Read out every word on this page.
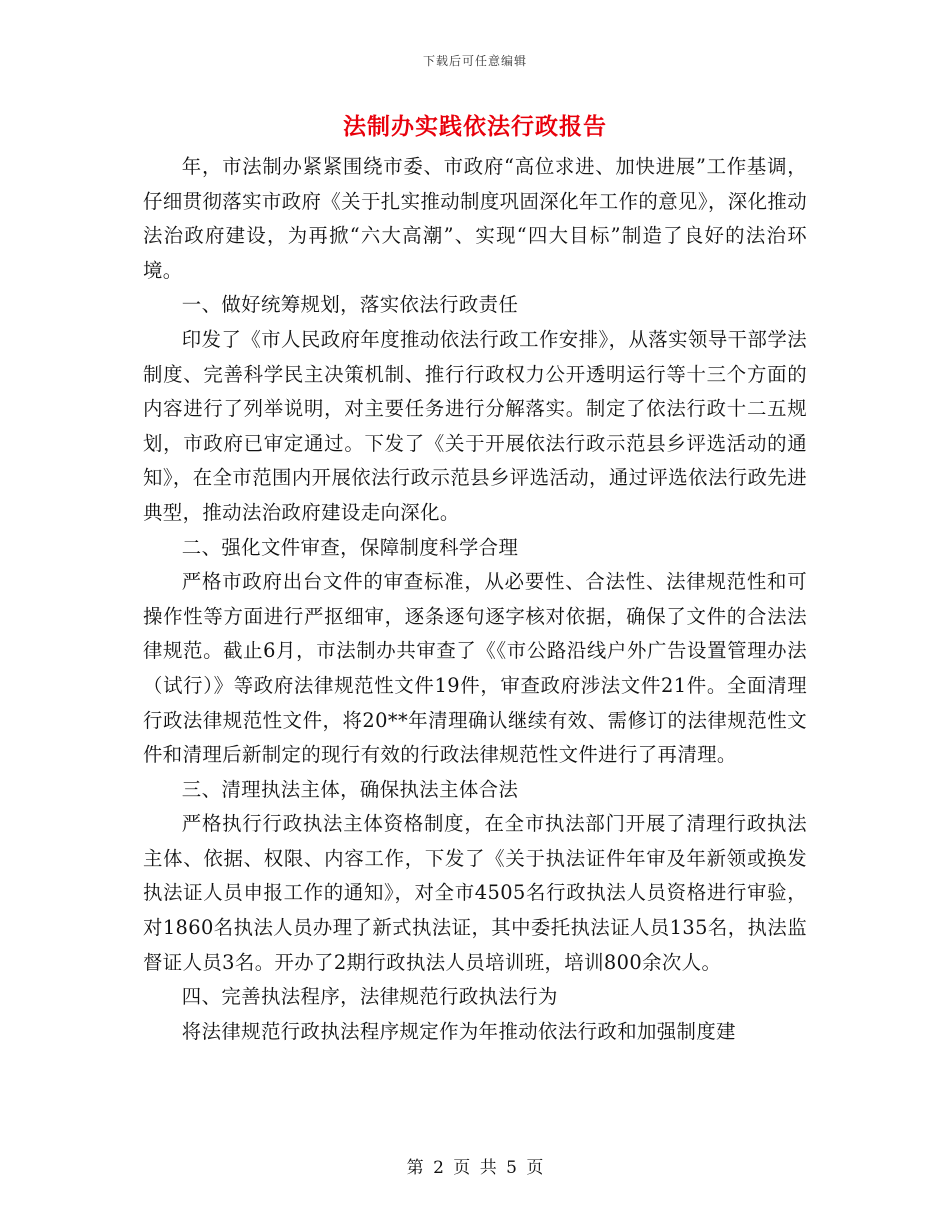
下载后可任意编辑
法制办实践依法行政报告

年，市法制办紧紧围绕市委、市政府“高位求进、加快进展”工作基调，仔细贯彻落实市政府《关于扎实推动制度巩固深化年工作的意见》，深化推动法治政府建设，为再掀“六大高潮”、实现“四大目标”制造了良好的法治环境。

一、做好统筹规划，落实依法行政责任

印发了《市人民政府年度推动依法行政工作安排》，从落实领导干部学法制度、完善科学民主决策机制、推行行政权力公开透明运行等十三个方面的内容进行了列举说明，对主要任务进行分解落实。制定了依法行政十二五规划，市政府已审定通过。下发了《关于开展依法行政示范县乡评选活动的通知》，在全市范围内开展依法行政示范县乡评选活动，通过评选依法行政先进典型，推动法治政府建设走向深化。

二、强化文件审查，保障制度科学合理

严格市政府出台文件的审查标准，从必要性、合法性、法律规范性和可操作性等方面进行严抠细审，逐条逐句逐字核对依据，确保了文件的合法法律规范。截止6月，市法制办共审查了《《市公路沿线户外广告设置管理办法（试行）》等政府法律规范性文件19件，审查政府涉法文件21件。全面清理行政法律规范性文件，将20**年清理确认继续有效、需修订的法律规范性文件和清理后新制定的现行有效的行政法律规范性文件进行了再清理。

三、清理执法主体，确保执法主体合法

严格执行行政执法主体资格制度，在全市执法部门开展了清理行政执法主体、依据、权限、内容工作，下发了《关于执法证件年审及年新领或换发执法证人员申报工作的通知》，对全市4505名行政执法人员资格进行审验，对1860名执法人员办理了新式执法证，其中委托执法证人员135名，执法监督证人员3名。开办了2期行政执法人员培训班，培训800余次人。

四、完善执法程序，法律规范行政执法行为

将法律规范行政执法程序规定作为年推动依法行政和加强制度建

第 2 页 共 5 页
